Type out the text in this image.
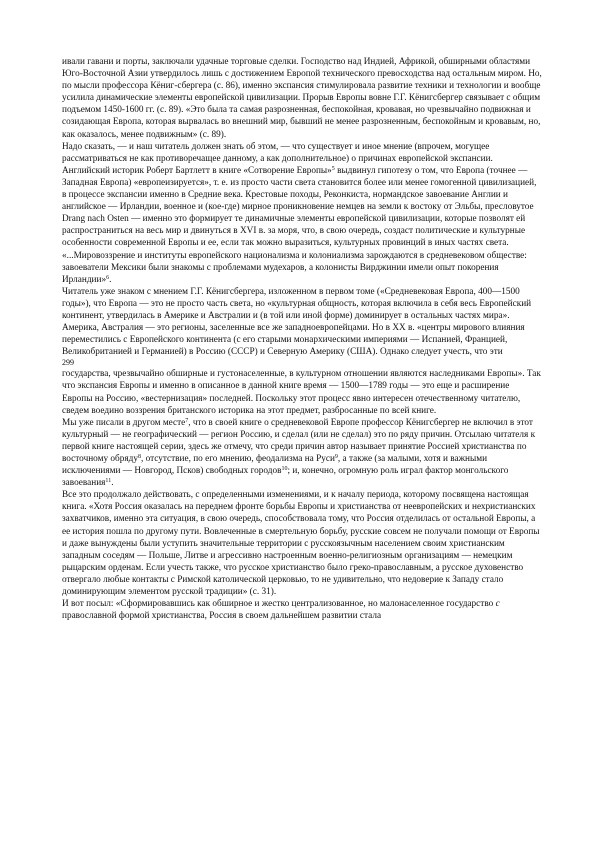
ивали гавани и порты, заключали удачные торговые сделки. Господство над Индией, Африкой, обширными областями Юго-Восточной Азии утвердилось лишь с достижением Европой технического превосходства над остальным миром. Но, по мысли профессора Кёниг-сбергера (с. 86), именно экспансия стимулировала развитие техники и технологии и вообще усилила динамические элементы европейской цивилизации. Прорыв Европы вовне Г.Г. Кёнигсбергер связывает с общим подъемом 1450-1600 гг. (с. 89). «Это была та самая разрозненная, беспокойная, кровавая, но чрезвычайно подвижная и созидающая Европа, которая вырвалась во внешний мир, бывший не менее разрозненным, беспокойным и кровавым, но, как оказалось, менее подвижным» (с. 89).

Надо сказать, — и наш читатель должен знать об этом, — что существует и иное мнение (впрочем, могущее рассматриваться не как противоречащее данному, а как дополнительное) о причинах европейской экспансии. Английский историк Роберт Бартлетт в книге «Сотворение Европы»$^5$ выдвинул гипотезу о том, что Европа (точнее — Западная Европа) «европеизируется», т. е. из просто части света становится более или менее гомогенной цивилизацией, в процессе экспансии именно в Средние века. Крестовые походы, Реконкиста, нормандское завоевание Англии и английское — Ирландии, военное и (кое-где) мирное проникновение немцев на земли к востоку от Эльбы, пресловутое Drang nach Osten — именно это формирует те динамичные элементы европейской цивилизации, которые позволят ей распространиться на весь мир и двинуться в XVI в. за моря, что, в свою очередь, создаст политические и культурные особенности современной Европы и ее, если так можно выразиться, культурных провинций в иных частях света.

«...Мировоззрение и институты европейского национализма и колониализма зарождаются в средневековом обществе: завоеватели Мексики были знакомы с проблемами мудехаров, а колонисты Вирджинии имели опыт покорения Ирландии»$^6$.

Читатель уже знаком с мнением Г.Г. Кёнигсбергера, изложенном в первом томе («Средневековая Европа, 400—1500 годы»), что Европа — это не просто часть света, но «культурная общность, которая включила в себя весь Европейский континент, утвердилась в Америке и Австралии и (в той или иной форме) доминирует в остальных частях мира». Америка, Австралия — это регионы, заселенные все же западноевропейцами. Но в XX в. «центры мирового влияния переместились с Европейского континента (с его старыми монархическими империями — Испанией, Францией, Великобританией и Германией) в Россию (СССР) и Северную Америку (США). Однако следует учесть, что эти

299

государства, чрезвычайно обширные и густонаселенные, в культурном отношении являются наследниками Европы». Так что экспансия Европы и именно в описанное в данной книге время — 1500—1789 годы — это еще и расширение Европы на Россию, «вестернизация» последней. Поскольку этот процесс явно интересен отечественному читателю, сведем воедино воззрения британского историка на этот предмет, разбросанные по всей книге.

Мы уже писали в другом месте$^7$, что в своей книге о средневековой Европе профессор Кёнигсбергер не включил в этот культурный — не географический — регион Россию, и сделал (или не сделал) это по ряду причин. Отсылаю читателя к первой книге настоящей серии, здесь же отмечу, что среди причин автор называет принятие Россией христианства по восточному обряду$^8$, отсутствие, по его мнению, феодализма на Руси$^9$, а также (за малыми, хотя и важными исключениями — Новгород, Псков) свободных городов$^{10}$; и, конечно, огромную роль играл фактор монгольского завоевания$^{11}$.

Все это продолжало действовать, с определенными изменениями, и к началу периода, которому посвящена настоящая книга. «Хотя Россия оказалась на переднем фронте борьбы Европы и христианства от неевропейских и нехристианских захватчиков, именно эта ситуация, в свою очередь, способствовала тому, что Россия отделилась от остальной Европы, а ее история пошла по другому пути. Вовлеченные в смертельную борьбу, русские совсем не получали помощи от Европы и даже вынуждены были уступить значительные территории с русскоязычным населением своим христианским западным соседям — Польше, Литве и агрессивно настроенным военно-религиозным организациям — немецким рыцарским орденам. Если учесть также, что русское христианство было греко-православным, а русское духовенство отвергало любые контакты с Римской католической церковью, то не удивительно, что недоверие к Западу стало доминирующим элементом русской традиции» (с. 31).

И вот посыл: «Сформировавшись как обширное и жестко централизованное, но малонаселенное государство с православной формой христианства, Россия в своем дальнейшем развитии стала
